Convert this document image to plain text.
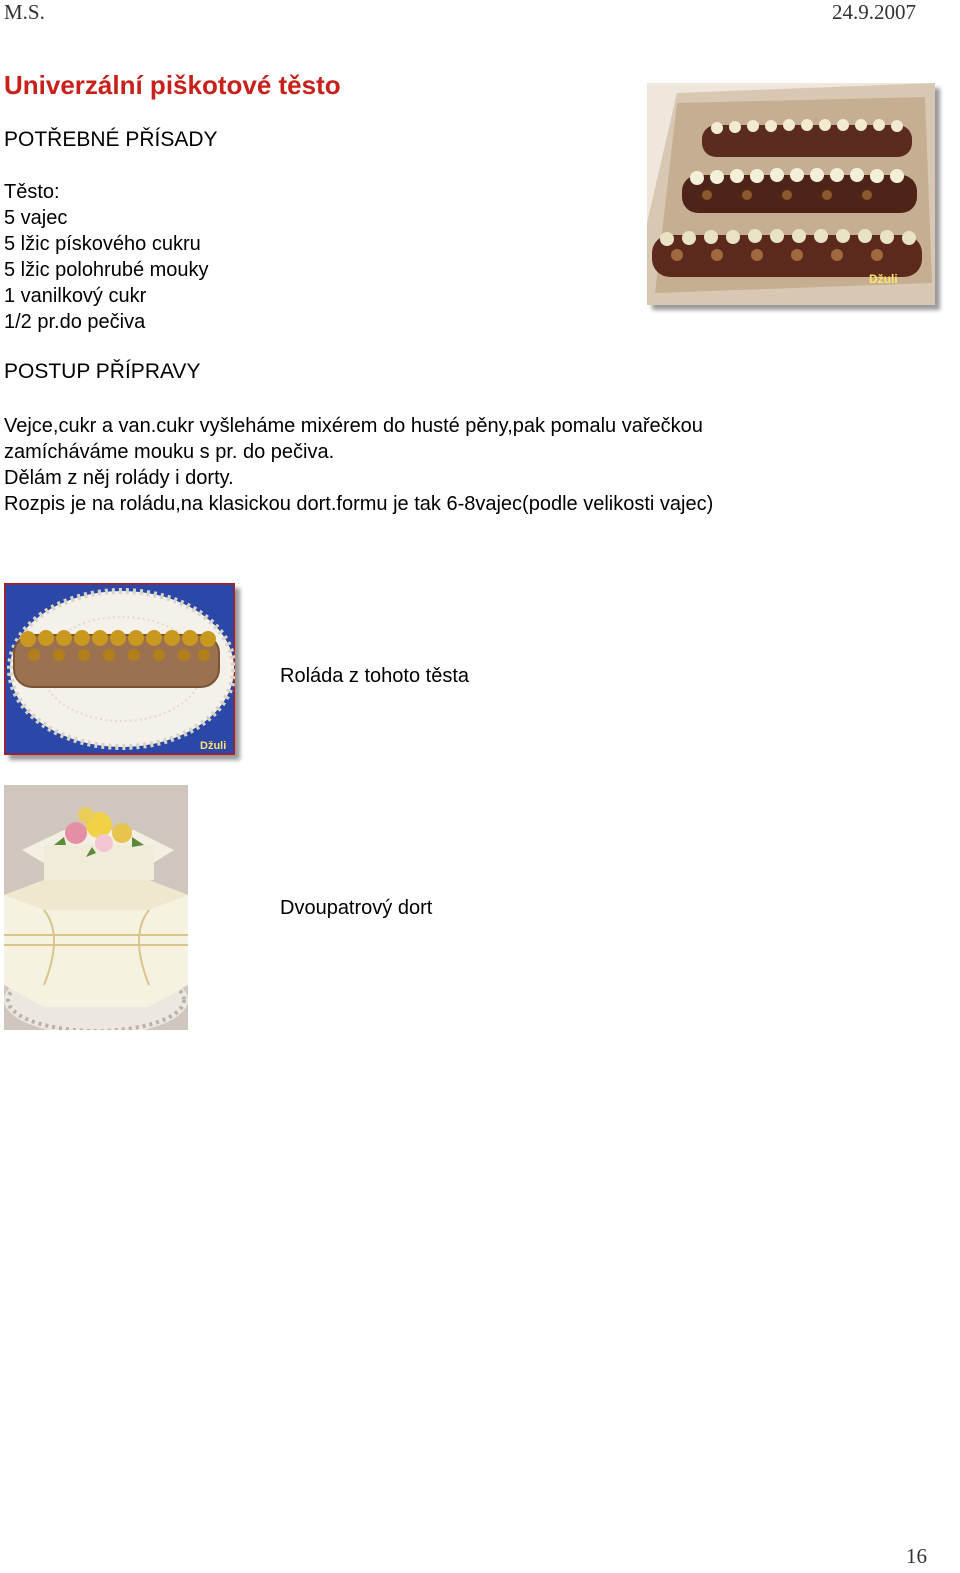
M.S.	24.9.2007
Univerzální piškotové těsto
POTŘEBNÉ PŘÍSADY
Těsto:
5 vajec
5 lžic pískového cukru
5 lžic polohrubé mouky
1 vanilkový cukr
1/2 pr.do pečiva
POSTUP PŘÍPRAVY
Vejce,cukr a van.cukr vyšleháme mixérem do husté pěny,pak pomalu vařečkou
zamícháváme mouku s pr. do pečiva.
Dělám z něj rolády i dorty.
Rozpis je na roládu,na klasickou dort.formu je tak 6-8vajec(podle velikosti vajec)
Džuli
Džuli
Roláda z tohoto těsta
Dvoupatrový dort
16
